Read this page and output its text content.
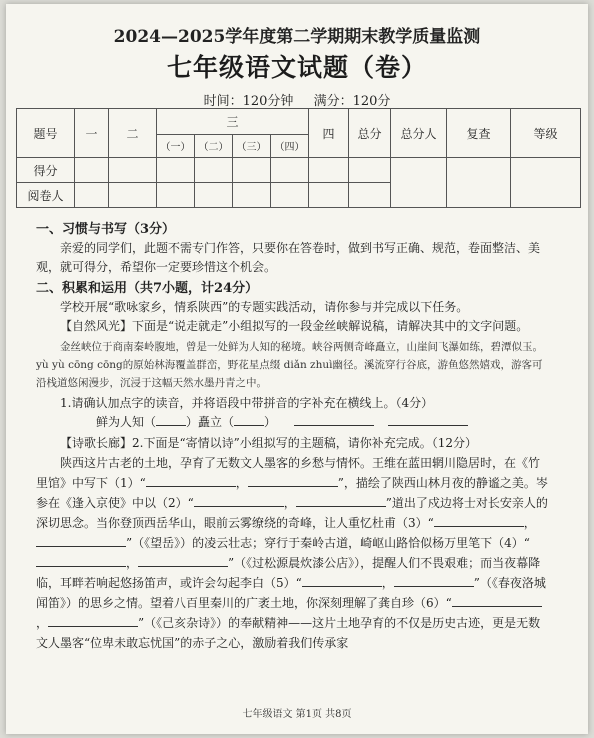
2024—2025学年度第二学期期末教学质量监测
七年级语文试题（卷）
时间：120分钟 满分：120分
题号	一	二	三				四	总分	总分人	复查	等级
			（一）	（二）	（三）	（四）					
得分											
阅卷人											
一、习惯与书写（3分）

亲爱的同学们，此题不需专门作答，只要你在答卷时，做到书写正确、规范，卷面整洁、美观，就可得分，希望你一定要珍惜这个机会。

二、积累和运用（共7小题，计24分）

学校开展“歌咏家乡，情系陕西”的专题实践活动，请你参与并完成以下任务。

【自然风光】下面是“说走就走”小组拟写的一段金丝峡解说稿，请解决其中的文字问题。

金丝峡位于商南秦岭腹地，曾是一处鲜为人知的秘境。峡谷两侧奇峰矗立，山崖间飞瀑如练，碧潭似玉。yù yù cōng cōng的原始林海覆盖群峦，野花星点缀 diǎn zhuì幽径。溪流穿行谷底，游鱼悠然嬉戏，游客可沿栈道悠闲漫步，沉浸于这幅天然水墨丹青之中。

1.请确认加点字的读音，并将语段中带拼音的字补充在横线上。（4分）

鲜为人知（	）矗立（	）

【诗歌长廊】2.下面是“寄情以诗”小组拟写的主题稿，请你补充完成。（12分）

陕西这片古老的土地，孕育了无数文人墨客的乡愁与情怀。王维在蓝田辋川隐居时，在《竹里馆》中写下（1）“	，	”，描绘了陕西山林月夜的静谧之美。岑参在《逢入京使》中以（2）“	，	”道出了戍边将士对长安亲人的深切思念。当你登顶西岳华山，眼前云雾缭绕的奇峰，让人重忆杜甫（3）“	，”（《望岳》）的凌云壮志；穿行于秦岭古道，崎岖山路恰似杨万里笔下（4）“，	”（《过松源晨炊漆公店》），提醒人们不畏艰难；而当夜幕降临，耳畔若响起悠扬笛声，或许会勾起李白（5）“	，	”（《春夜洛城闻笛》）的思乡之情。望着八百里秦川的广袤土地，你深刻理解了龚自珍（6）“，	”（《己亥杂诗》）的奉献精神——这片土地孕育的不仅是历史古迹，更是无数文人墨客“位卑未敢忘忧国”的赤子之心，激励着我们传承家

七年级语文 第1页 共8页
